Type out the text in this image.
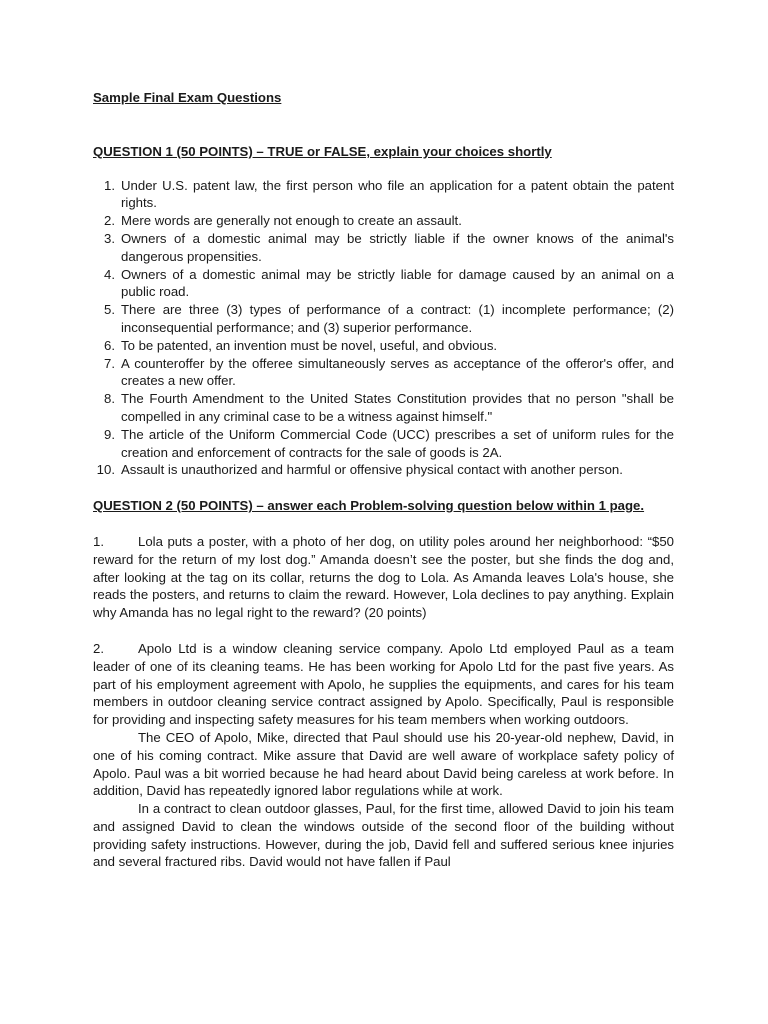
Sample Final Exam Questions
QUESTION 1 (50 POINTS) – TRUE or FALSE, explain your choices shortly
1. Under U.S. patent law, the first person who file an application for a patent obtain the patent rights.
2. Mere words are generally not enough to create an assault.
3. Owners of a domestic animal may be strictly liable if the owner knows of the animal's dangerous propensities.
4. Owners of a domestic animal may be strictly liable for damage caused by an animal on a public road.
5. There are three (3) types of performance of a contract: (1) incomplete performance; (2) inconsequential performance; and (3) superior performance.
6. To be patented, an invention must be novel, useful, and obvious.
7. A counteroffer by the offeree simultaneously serves as acceptance of the offeror's offer, and creates a new offer.
8. The Fourth Amendment to the United States Constitution provides that no person "shall be compelled in any criminal case to be a witness against himself."
9. The article of the Uniform Commercial Code (UCC) prescribes a set of uniform rules for the creation and enforcement of contracts for the sale of goods is 2A.
10. Assault is unauthorized and harmful or offensive physical contact with another person.
QUESTION 2 (50 POINTS) – answer each Problem-solving question below within 1 page.

1.	Lola puts a poster, with a photo of her dog, on utility poles around her neighborhood: “$50 reward for the return of my lost dog.” Amanda doesn’t see the poster, but she finds the dog and, after looking at the tag on its collar, returns the dog to Lola. As Amanda leaves Lola's house, she reads the posters, and returns to claim the reward. However, Lola declines to pay anything. Explain why Amanda has no legal right to the reward? (20 points)

2.	Apolo Ltd is a window cleaning service company. Apolo Ltd employed Paul as a team leader of one of its cleaning teams. He has been working for Apolo Ltd for the past five years. As part of his employment agreement with Apolo, he supplies the equipments, and cares for his team members in outdoor cleaning service contract assigned by Apolo. Specifically, Paul is responsible for providing and inspecting safety measures for his team members when working outdoors.

The CEO of Apolo, Mike, directed that Paul should use his 20-year-old nephew, David, in one of his coming contract. Mike assure that David are well aware of workplace safety policy of Apolo. Paul was a bit worried because he had heard about David being careless at work before. In addition, David has repeatedly ignored labor regulations while at work.

In a contract to clean outdoor glasses, Paul, for the first time, allowed David to join his team and assigned David to clean the windows outside of the second floor of the building without providing safety instructions. However, during the job, David fell and suffered serious knee injuries and several fractured ribs. David would not have fallen if Paul
